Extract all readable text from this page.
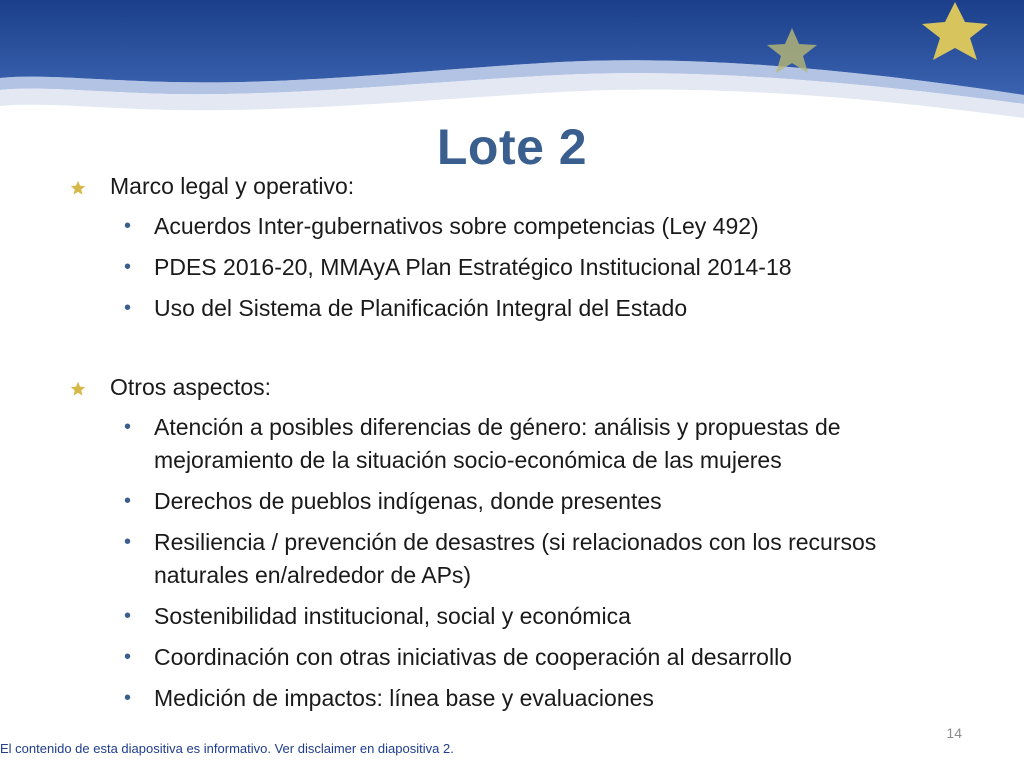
Lote 2
Marco legal y operativo:
• Acuerdos Inter-gubernativos sobre competencias (Ley 492)
• PDES 2016-20, MMAyA Plan Estratégico Institucional 2014-18
• Uso del Sistema de Planificación Integral del Estado
Otros aspectos:
• Atención a posibles diferencias de género: análisis y propuestas de mejoramiento de la situación socio-económica de las mujeres
• Derechos de pueblos indígenas, donde presentes
• Resiliencia / prevención de desastres (si relacionados con los recursos naturales en/alrededor de APs)
• Sostenibilidad institucional, social y económica
• Coordinación con otras iniciativas de cooperación al desarrollo
• Medición de impactos: línea base y evaluaciones
14
El contenido de esta diapositiva es informativo. Ver disclaimer en diapositiva 2.
